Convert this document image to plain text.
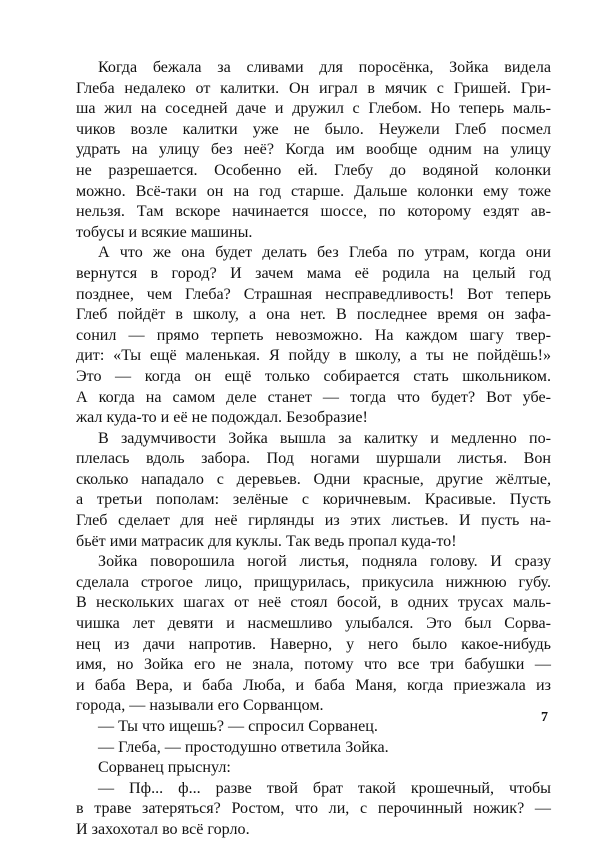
Когда бежала за сливами для поросёнка, Зойка видела
Глеба недалеко от калитки. Он играл в мячик с Гришей. Гри-
ша жил на соседней даче и дружил с Глебом. Но теперь маль-
чиков возле калитки уже не было. Неужели Глеб посмел
удрать на улицу без неё? Когда им вообще одним на улицу
не разрешается. Особенно ей. Глебу до водяной колонки
можно. Всё-таки он на год старше. Дальше колонки ему тоже
нельзя. Там вскоре начинается шоссе, по которому ездят ав-
тобусы и всякие машины.
А что же она будет делать без Глеба по утрам, когда они
вернутся в город? И зачем мама её родила на целый год
позднее, чем Глеба? Страшная несправедливость! Вот теперь
Глеб пойдёт в школу, а она нет. В последнее время он зафа-
сонил — прямо терпеть невозможно. На каждом шагу твер-
дит: «Ты ещё маленькая. Я пойду в школу, а ты не пойдёшь!»
Это — когда он ещё только собирается стать школьником.
А когда на самом деле станет — тогда что будет? Вот убе-
жал куда-то и её не подождал. Безобразие!
В задумчивости Зойка вышла за калитку и медленно по-
плелась вдоль забора. Под ногами шуршали листья. Вон
сколько нападало с деревьев. Одни красные, другие жёлтые,
а третьи пополам: зелёные с коричневым. Красивые. Пусть
Глеб сделает для неё гирлянды из этих листьев. И пусть на-
бьёт ими матрасик для куклы. Так ведь пропал куда-то!
Зойка поворошила ногой листья, подняла голову. И сразу
сделала строгое лицо, прищурилась, прикусила нижнюю губу.
В нескольких шагах от неё стоял босой, в одних трусах маль-
чишка лет девяти и насмешливо улыбался. Это был Сорва-
нец из дачи напротив. Наверно, у него было какое-нибудь
имя, но Зойка его не знала, потому что все три бабушки —
и баба Вера, и баба Люба, и баба Маня, когда приезжала из
города, — называли его Сорванцом.
— Ты что ищешь? — спросил Сорванец.
— Глеба, — простодушно ответила Зойка.
Сорванец прыснул:
— Пф... ф... разве твой брат такой крошечный, чтобы
в траве затеряться? Ростом, что ли, с перочинный ножик? —
И захохотал во всё горло.
7
